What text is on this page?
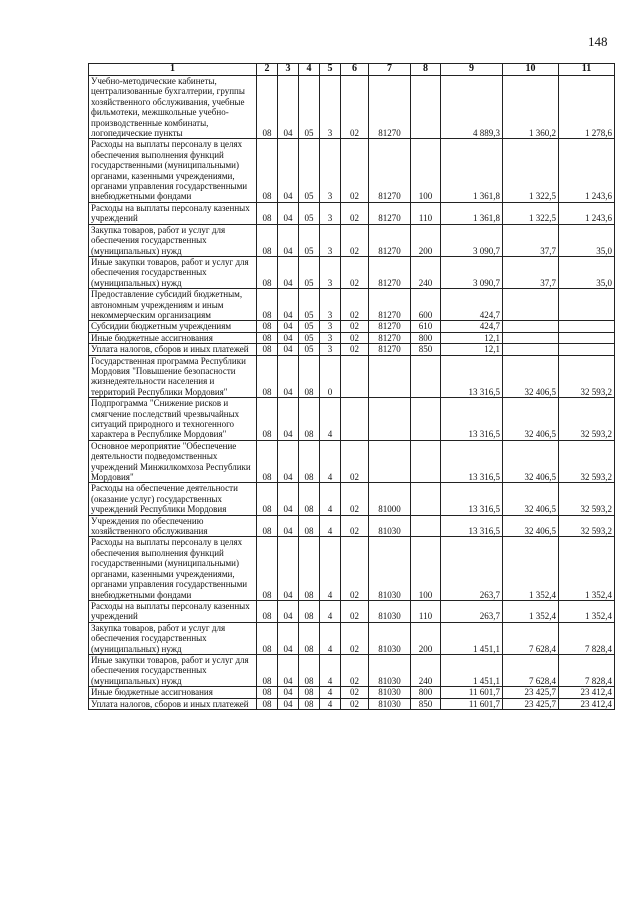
148
1	2	3	4	5	6	7	8	9	10	11
Учебно-методические кабинеты, централизованные бухгалтерии, группы хозяйственного обслуживания, учебные фильмотеки, межшкольные учебно-производственные комбинаты, логопедические пункты	08	04	05	3	02	81270		4 889,3	1 360,2	1 278,6
Расходы на выплаты персоналу в целях обеспечения выполнения функций государственными (муниципальными) органами, казенными учреждениями, органами управления государственными внебюджетными фондами	08	04	05	3	02	81270	100	1 361,8	1 322,5	1 243,6
Расходы на выплаты персоналу казенных учреждений	08	04	05	3	02	81270	110	1 361,8	1 322,5	1 243,6
Закупка товаров, работ и услуг для обеспечения государственных (муниципальных) нужд	08	04	05	3	02	81270	200	3 090,7	37,7	35,0
Иные закупки товаров, работ и услуг для обеспечения государственных (муниципальных) нужд	08	04	05	3	02	81270	240	3 090,7	37,7	35,0
Предоставление субсидий бюджетным, автономным учреждениям и иным некоммерческим организациям	08	04	05	3	02	81270	600	424,7		
Субсидии бюджетным учреждениям	08	04	05	3	02	81270	610	424,7		
Иные бюджетные ассигнования	08	04	05	3	02	81270	800	12,1		
Уплата налогов, сборов и иных платежей	08	04	05	3	02	81270	850	12,1		
Государственная программа Республики Мордовия "Повышение безопасности жизнедеятельности населения и территорий Республики Мордовия"	08	04	08	0				13 316,5	32 406,5	32 593,2
Подпрограмма "Снижение рисков и смягчение последствий чрезвычайных ситуаций природного и техногенного характера в Республике Мордовия"	08	04	08	4				13 316,5	32 406,5	32 593,2
Основное мероприятие "Обеспечение деятельности подведомственных учреждений Минжилкомхоза Республики Мордовия"	08	04	08	4	02			13 316,5	32 406,5	32 593,2
Расходы на обеспечение деятельности (оказание услуг) государственных учреждений Республики Мордовия	08	04	08	4	02	81000		13 316,5	32 406,5	32 593,2
Учреждения по обеспечению хозяйственного обслуживания	08	04	08	4	02	81030		13 316,5	32 406,5	32 593,2
Расходы на выплаты персоналу в целях обеспечения выполнения функций государственными (муниципальными) органами, казенными учреждениями, органами управления государственными внебюджетными фондами	08	04	08	4	02	81030	100	263,7	1 352,4	1 352,4
Расходы на выплаты персоналу казенных учреждений	08	04	08	4	02	81030	110	263,7	1 352,4	1 352,4
Закупка товаров, работ и услуг для обеспечения государственных (муниципальных) нужд	08	04	08	4	02	81030	200	1 451,1	7 628,4	7 828,4
Иные закупки товаров, работ и услуг для обеспечения государственных (муниципальных) нужд	08	04	08	4	02	81030	240	1 451,1	7 628,4	7 828,4
Иные бюджетные ассигнования	08	04	08	4	02	81030	800	11 601,7	23 425,7	23 412,4
Уплата налогов, сборов и иных платежей	08	04	08	4	02	81030	850	11 601,7	23 425,7	23 412,4
